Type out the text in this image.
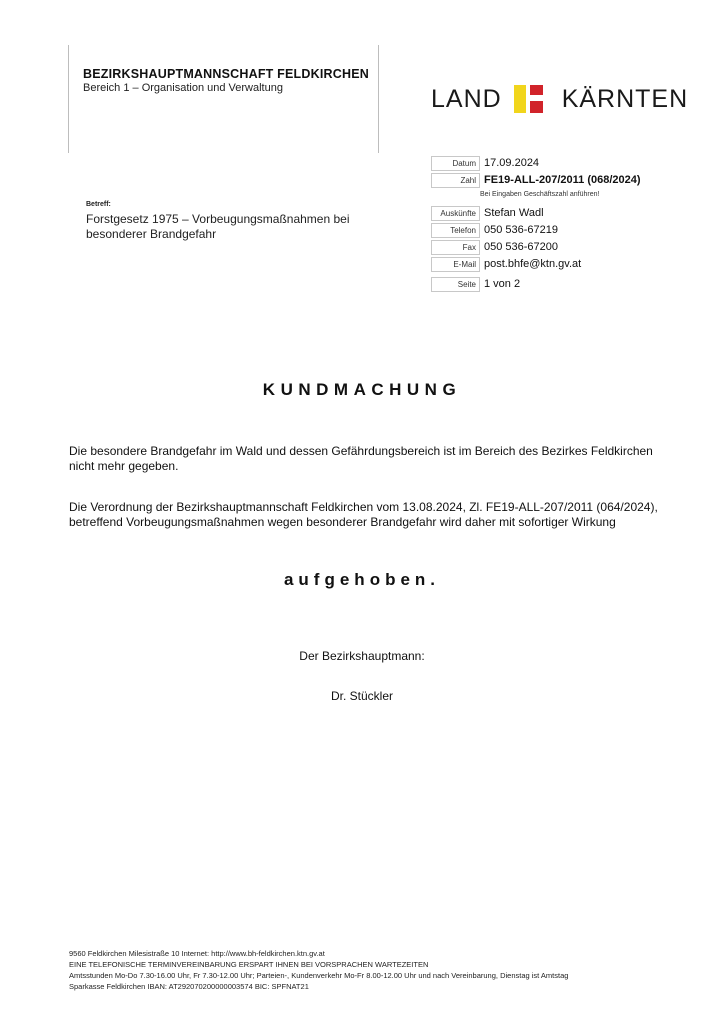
BEZIRKSHAUPTMANNSCHAFT FELDKIRCHEN
Bereich 1 – Organisation und Verwaltung	LAND KÄRNTEN
Datum 17.09.2024
Zahl FE19-ALL-207/2011 (068/2024)
Bei Eingaben Geschäftszahl anführen!
Auskünfte Stefan Wadl
Telefon 050 536-67219
Fax 050 536-67200
E-Mail post.bhfe@ktn.gv.at
Seite 1 von 2
Betreff:
Forstgesetz 1975 – Vorbeugungsmaßnahmen bei besonderer Brandgefahr
KUNDMACHUNG
Die besondere Brandgefahr im Wald und dessen Gefährdungsbereich ist im Bereich des Bezirkes Feldkirchen nicht mehr gegeben.
Die Verordnung der Bezirkshauptmannschaft Feldkirchen vom 13.08.2024, Zl. FE19-ALL-207/2011 (064/2024), betreffend Vorbeugungsmaßnahmen wegen besonderer Brandgefahr wird daher mit sofortiger Wirkung
aufgehoben.
Der Bezirkshauptmann:
Dr. Stückler
9560 Feldkirchen Milesistraße 10 Internet: http://www.bh-feldkirchen.ktn.gv.at
EINE TELEFONISCHE TERMINVEREINBARUNG ERSPART IHNEN BEI VORSPRACHEN WARTEZEITEN
Amtsstunden Mo-Do 7.30-16.00 Uhr, Fr 7.30-12.00 Uhr; Parteien-, Kundenverkehr Mo-Fr 8.00-12.00 Uhr und nach Vereinbarung, Dienstag ist Amtstag
Sparkasse Feldkirchen IBAN: AT292070200000003574 BIC: SPFNAT21
